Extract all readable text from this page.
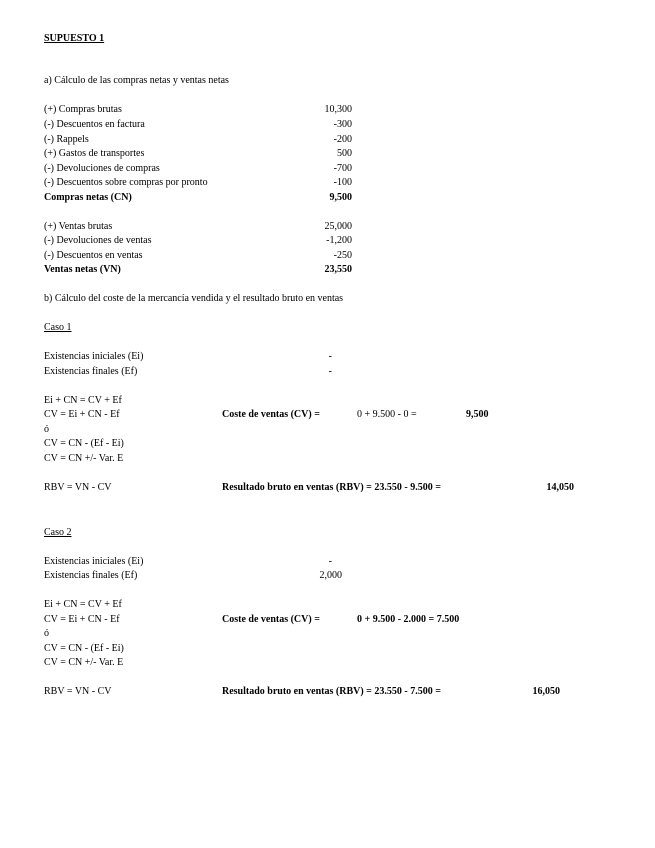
SUPUESTO 1
a) Cálculo de las compras netas y ventas netas
(+) Compras brutas	10,300
(-) Descuentos en factura	-300
(-) Rappels	-200
(+) Gastos de transportes	500
(-) Devoluciones de compras	-700
(-) Descuentos sobre compras por pronto	-100
Compras netas (CN)	9,500
(+) Ventas brutas	25,000
(-) Devoluciones de ventas	-1,200
(-) Descuentos en ventas	-250
Ventas netas (VN)	23,550
b) Cálculo del coste de la mercancía vendida y el resultado bruto en ventas
Caso 1
Existencias iniciales (Ei)	-
Existencias finales (Ef)	-
Ei + CN = CV + Ef
CV = Ei + CN - Ef	Coste de ventas (CV) =	0 + 9.500 - 0 =	9,500
ó
CV = CN - (Ef - Ei)
CV = CN +/- Var. E
RBV = VN - CV	Resultado bruto en ventas (RBV) = 23.550 - 9.500 =	14,050
Caso 2
Existencias iniciales (Ei)	-
Existencias finales (Ef)	2,000
Ei + CN = CV + Ef
CV = Ei + CN - Ef	Coste de ventas (CV) =	0 + 9.500 - 2.000 = 7.500
ó
CV = CN - (Ef - Ei)
CV = CN +/- Var. E
RBV = VN - CV	Resultado bruto en ventas (RBV) = 23.550 - 7.500 =	16,050
